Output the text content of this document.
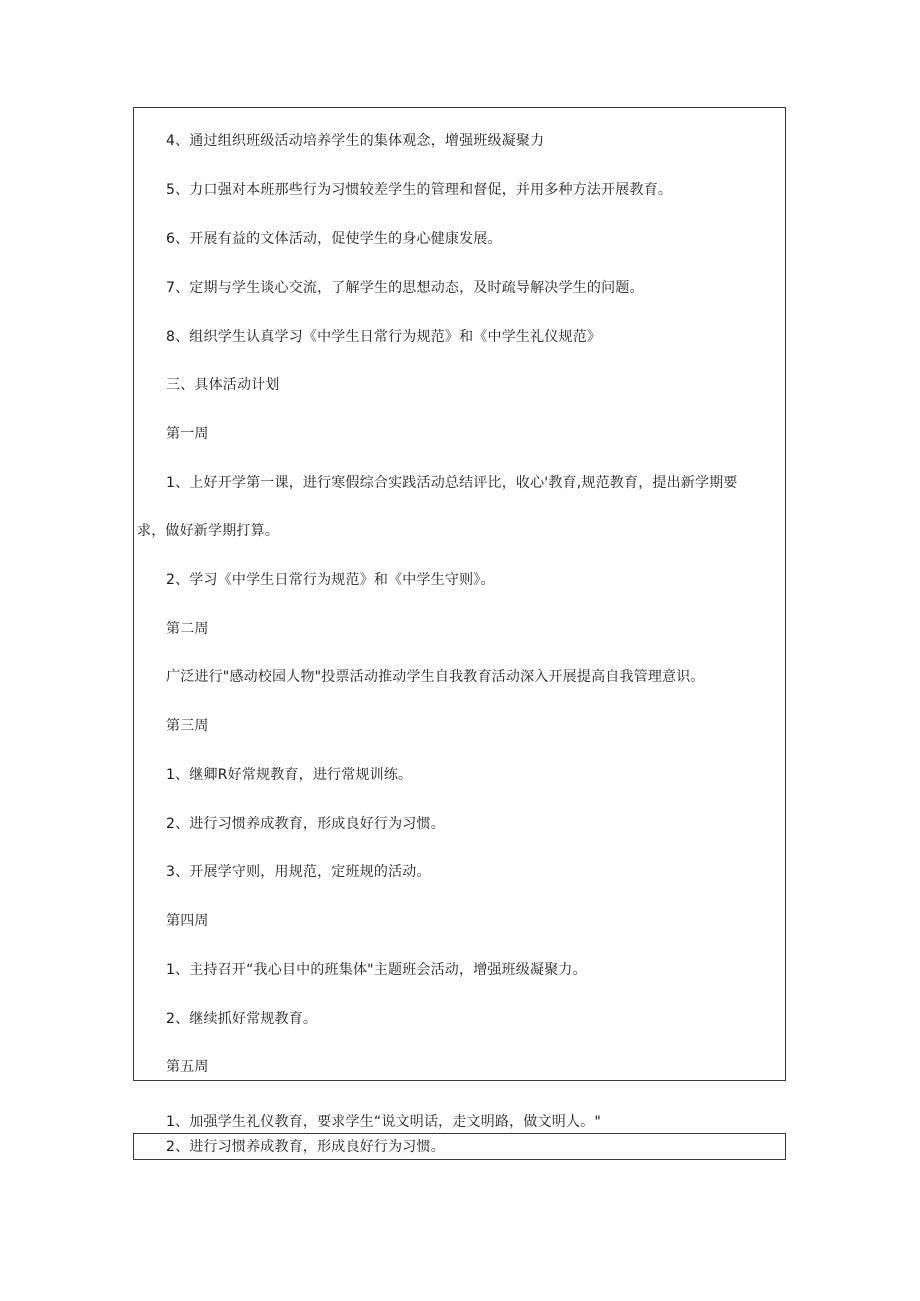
4、通过组织班级活动培养学生的集体观念，增强班级凝聚力
5、力口强对本班那些行为习惯较差学生的管理和督促，并用多种方法开展教育。
6、开展有益的文体活动，促使学生的身心健康发展。
7、定期与学生谈心交流，了解学生的思想动态，及时疏导解决学生的问题。
8、组织学生认真学习《中学生日常行为规范》和《中学生礼仪规范》
三、具体活动计划
第一周
1、上好开学第一课，进行寒假综合实践活动总结评比，收心'教育,规范教育，提出新学期要
求，做好新学期打算。
2、学习《中学生日常行为规范》和《中学生守则》。
第二周
广泛进行"感动校园人物"投票活动推动学生自我教育活动深入开展提高自我管理意识。
第三周
1、继卿R好常规教育，进行常规训练。
2、进行习惯养成教育，形成良好行为习惯。
3、开展学守则，用规范，定班规的活动。
第四周
1、主持召开“我心目中的班集体"主题班会活动，增强班级凝聚力。
2、继续抓好常规教育。
第五周
1、加强学生礼仪教育，要求学生“说文明话，走文明路，做文明人。"
2、进行习惯养成教育，形成良好行为习惯。
